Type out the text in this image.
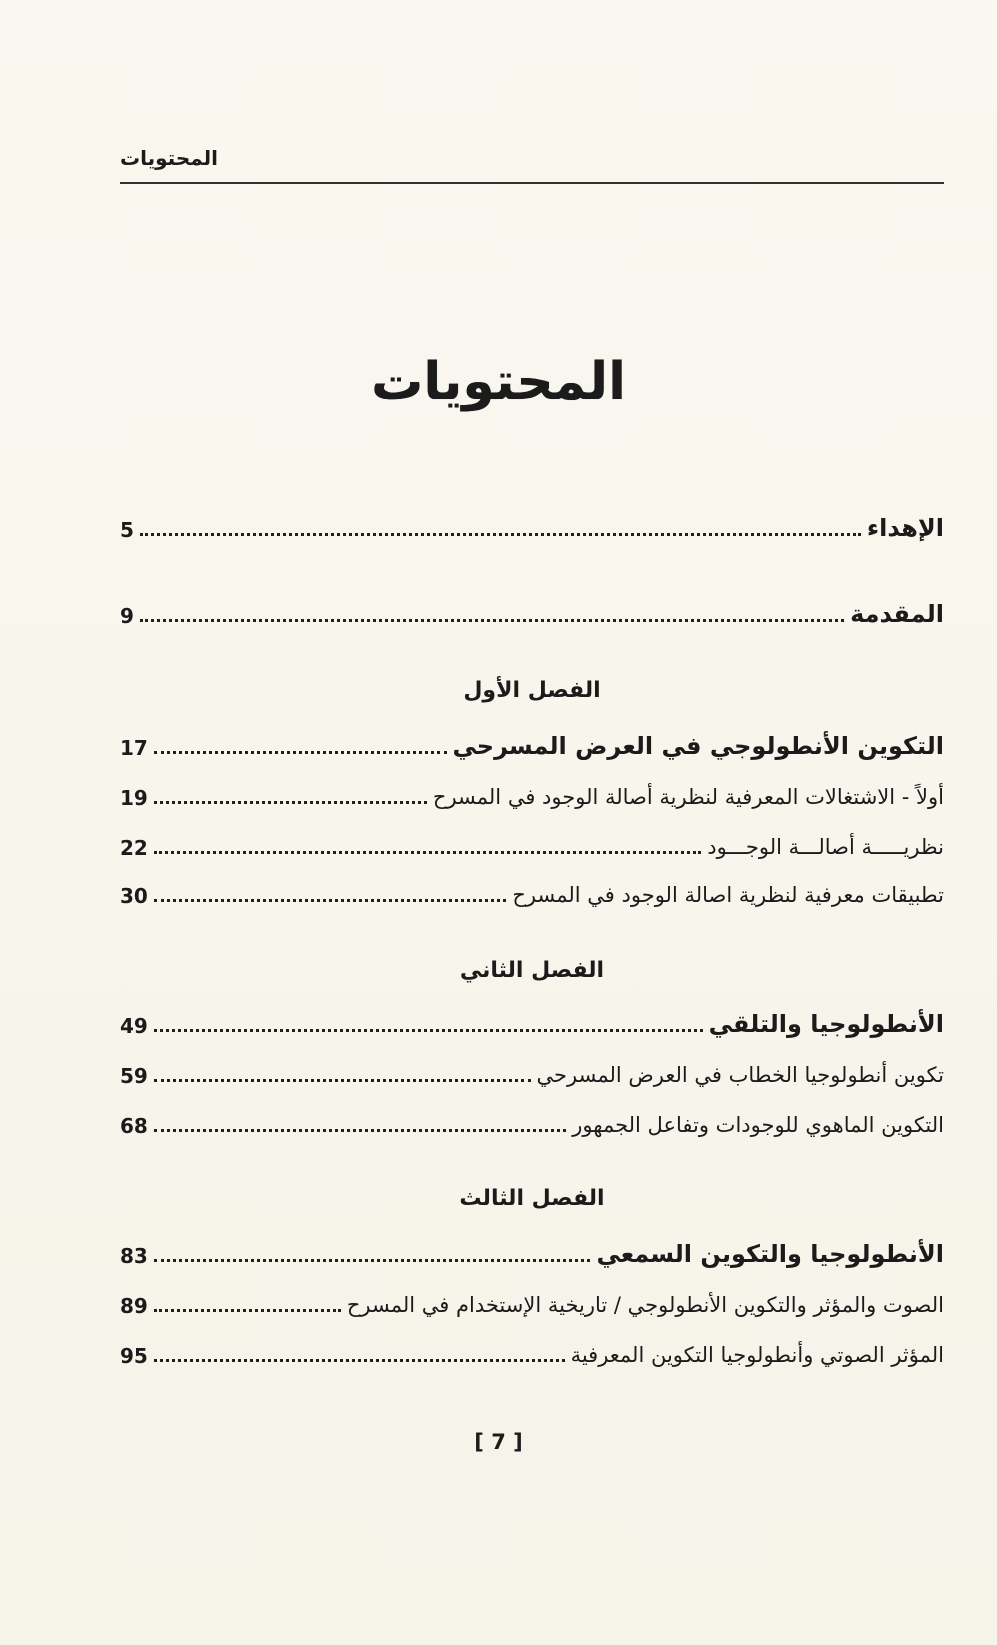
المحتويات
المحتويات
الإهداء
5
المقدمة
9
الفصل الأول
التكوين الأنطولوجي في العرض المسرحي
17
أولاً - الاشتغالات المعرفية لنظرية أصالة الوجود في المسرح
19
نظريـــــة أصالـــة الوجـــود
22
تطبيقات معرفية لنظرية اصالة الوجود في المسرح
30
الفصل الثاني
الأنطولوجيا والتلقي
49
تكوين أنطولوجيا الخطاب في العرض المسرحي
59
التكوين الماهوي للوجودات وتفاعل الجمهور
68
الفصل الثالث
الأنطولوجيا والتكوين السمعي
83
الصوت والمؤثر والتكوين الأنطولوجي / تاريخية الإستخدام في المسرح
89
المؤثر الصوتي وأنطولوجيا التكوين المعرفية
95
[ 7 ]
